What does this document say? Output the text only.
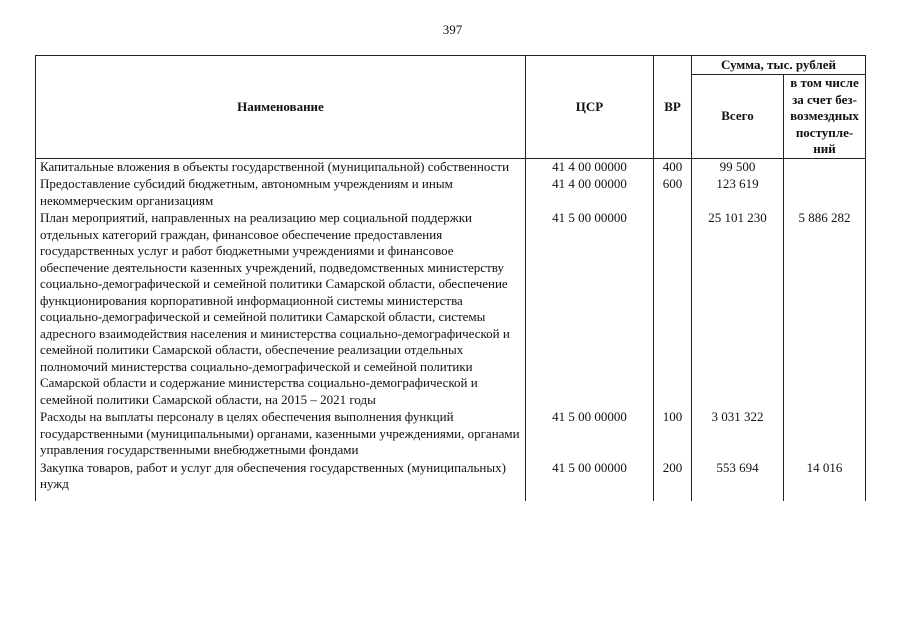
397
Наименование	ЦСР	ВР	Сумма, тыс. рублей	
			Всего	в том числе за счет без-возмездных поступле-ний
Капитальные вложения в объекты государственной (муниципальной) собственности	41 4 00 00000	400	99 500	
Предоставление субсидий бюджетным, автономным учреждениям и иным некоммерческим организациям	41 4 00 00000	600	123 619	
План мероприятий, направленных на реализацию мер социальной поддержки отдельных категорий граждан, финансовое обеспечение предоставления государственных услуг и работ бюджетными учреждениями и финансовое обеспечение деятельности казенных учреждений, подведомственных министерству социально-демографической и семейной политики Самарской области, обеспечение функционирования корпоративной информационной системы министерства социально-демографической и семейной политики Самарской области, системы адресного взаимодействия населения и министерства социально-демографической и семейной политики Самарской области, обеспечение реализации отдельных полномочий министерства социально-демографической и семейной политики Самарской области и содержание министерства социально-демографической и семейной политики Самарской области, на 2015 – 2021 годы	41 5 00 00000		25 101 230	5 886 282
Расходы на выплаты персоналу в целях обеспечения выполнения функций государственными (муниципальными) органами, казенными учреждениями, органами управления государственными внебюджетными фондами	41 5 00 00000	100	3 031 322	
Закупка товаров, работ и услуг для обеспечения государственных (муниципальных) нужд	41 5 00 00000	200	553 694	14 016
